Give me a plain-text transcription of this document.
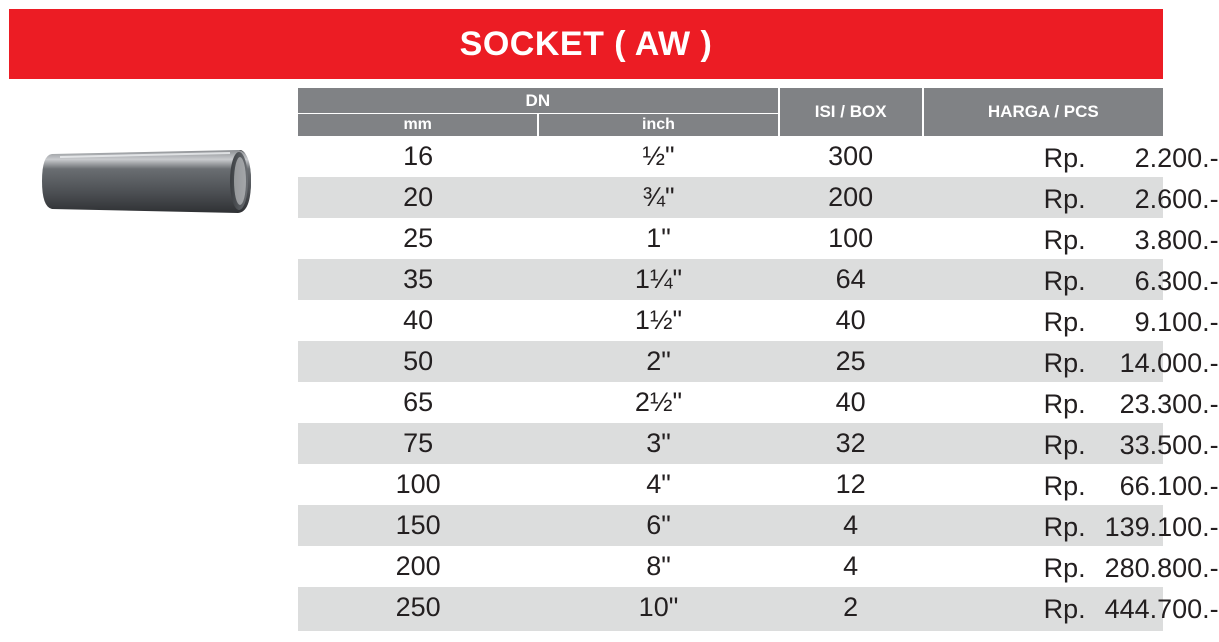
SOCKET ( AW )
DN		ISI / BOX	HARGA / PCS
mm	inch		
16	½"	300	Rp. 2.200.-

20	¾"	200	Rp. 2.600.-

25	1"	100	Rp. 3.800.-

35	1¼"	64	Rp. 6.300.-

40	1½"	40	Rp. 9.100.-

50	2"	25	Rp. 14.000.-

65	2½"	40	Rp. 23.300.-

75	3"	32	Rp. 33.500.-

100	4"	12	Rp. 66.100.-

150	6"	4	Rp. 139.100.-

200	8"	4	Rp. 280.800.-

250	10"	2	Rp. 444.700.-
